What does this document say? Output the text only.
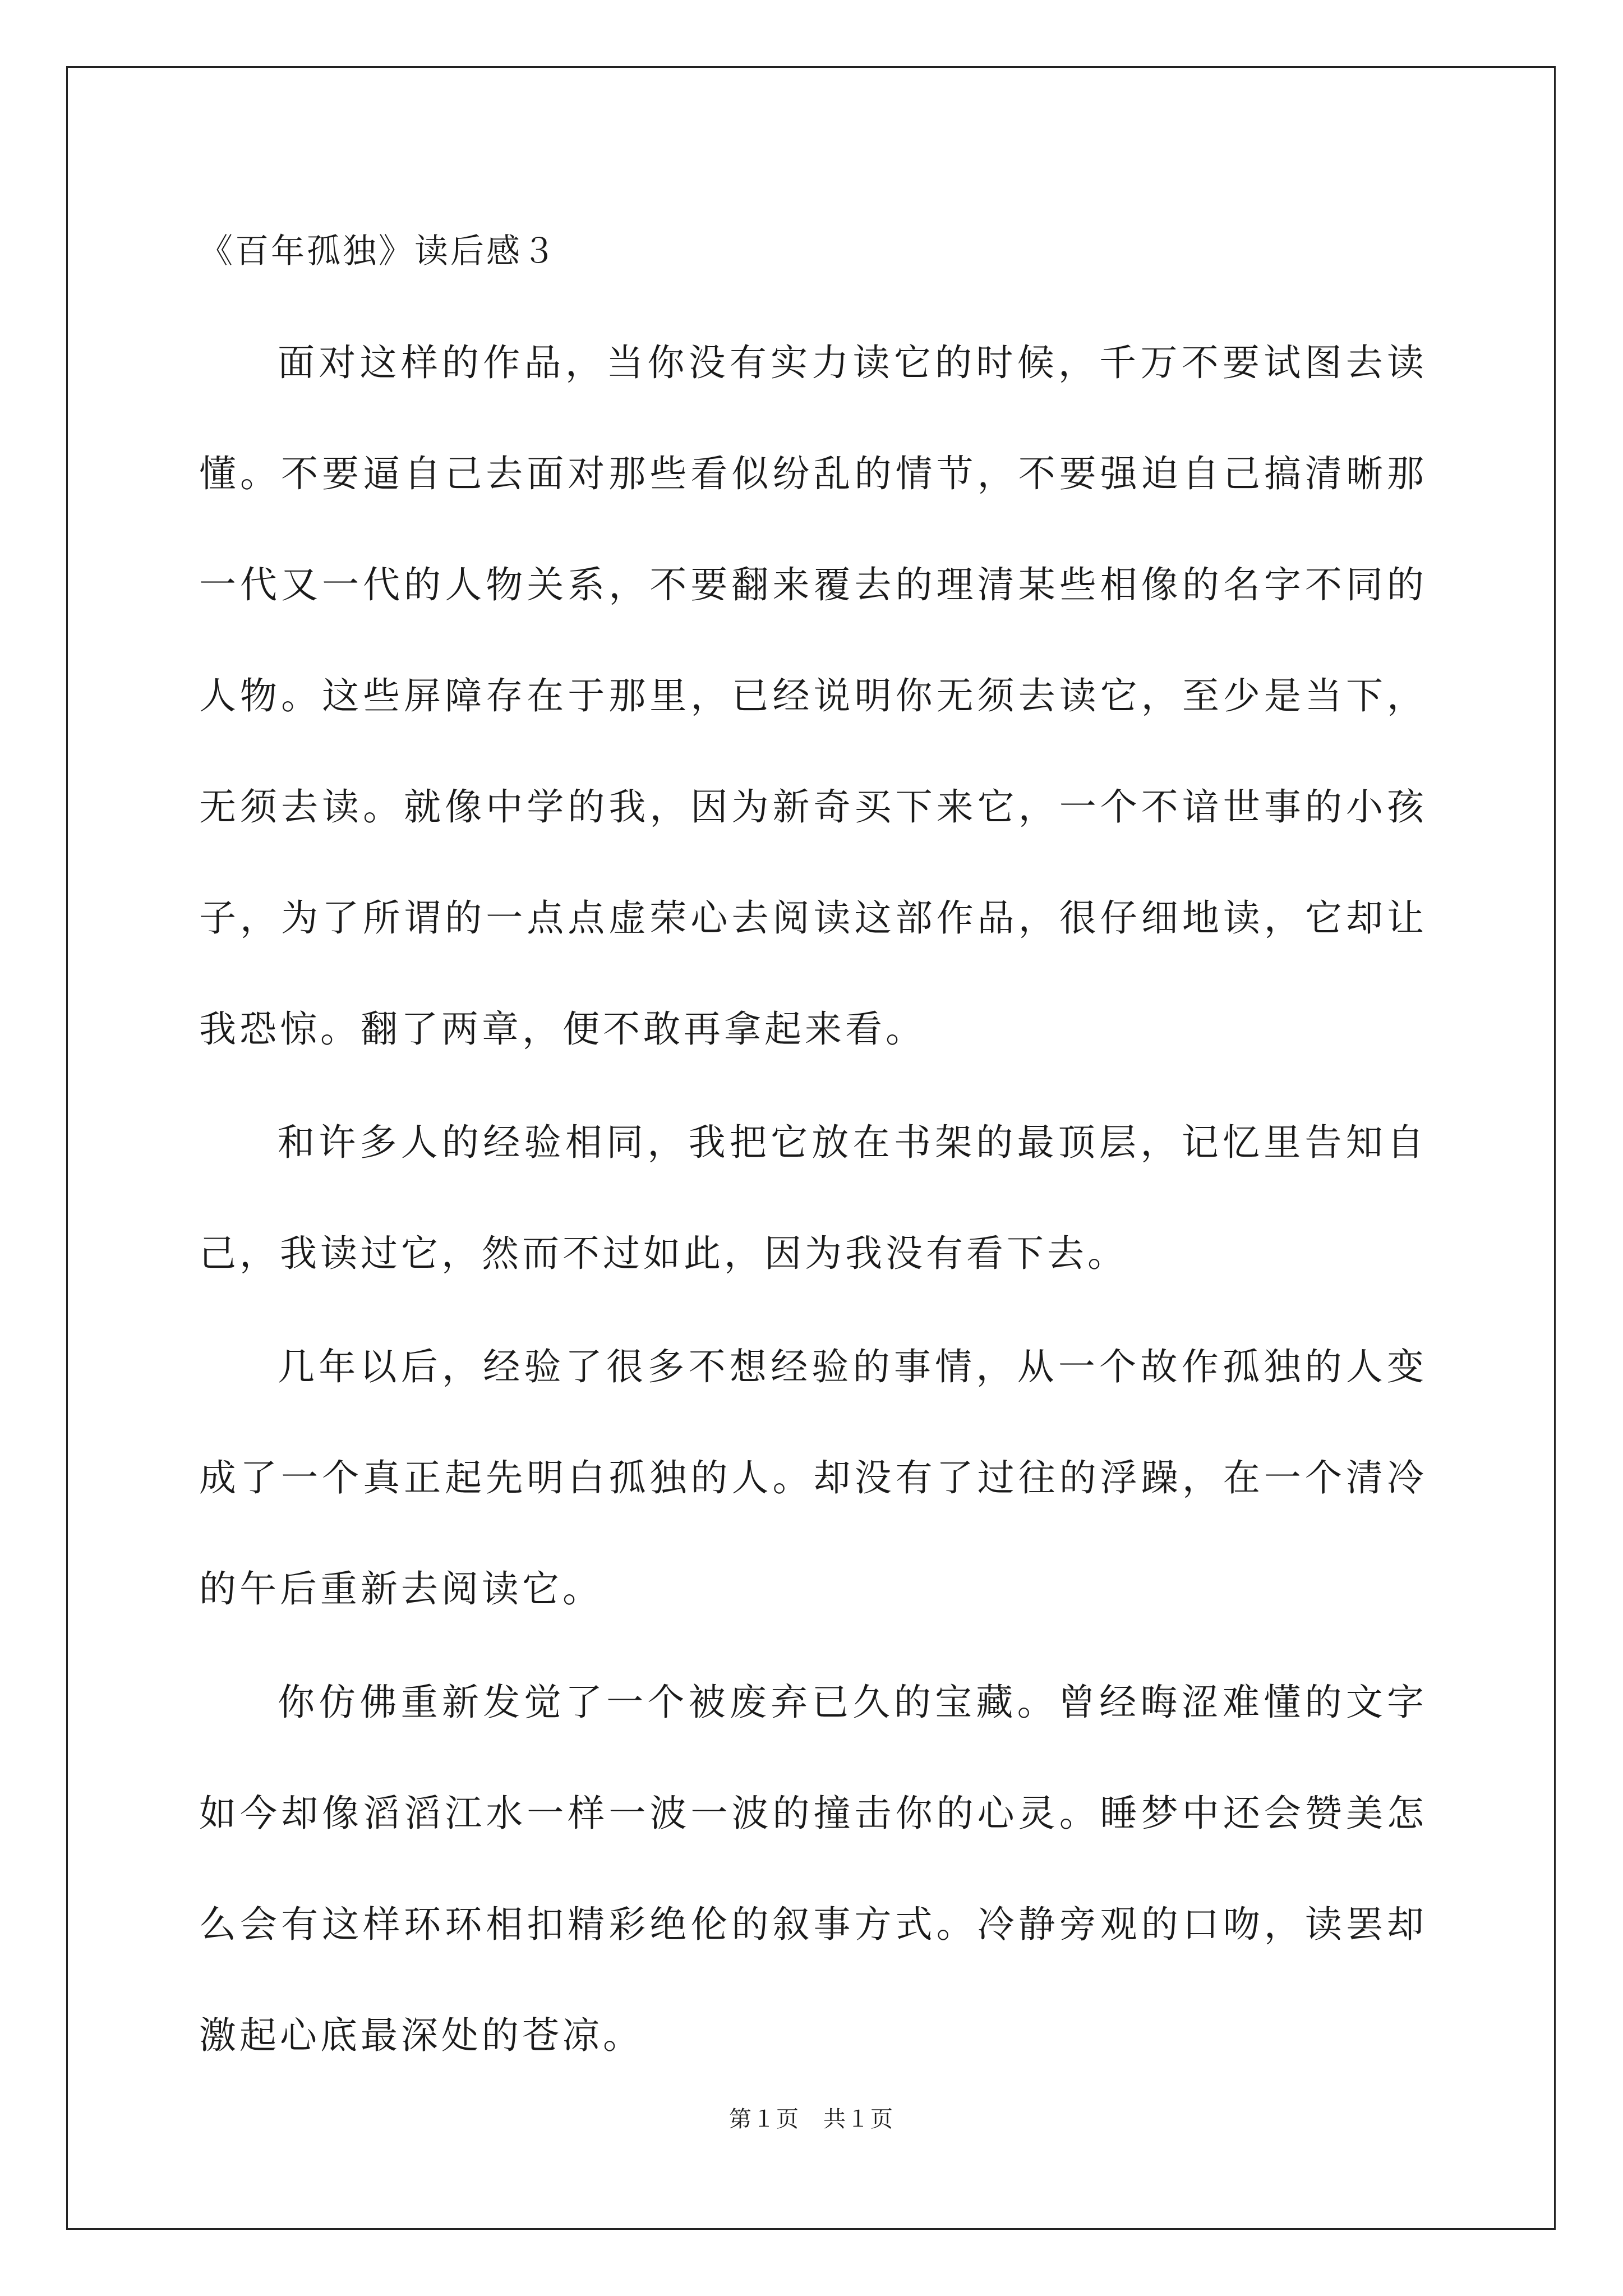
《百年孤独》读后感３

面对这样的作品，当你没有实力读它的时候，千万不要试图去读懂。不要逼自己去面对那些看似纷乱的情节，不要强迫自己搞清晰那一代又一代的人物关系，不要翻来覆去的理清某些相像的名字不同的人物。这些屏障存在于那里，已经说明你无须去读它，至少是当下，无须去读。就像中学的我，因为新奇买下来它，一个不谙世事的小孩子，为了所谓的一点点虚荣心去阅读这部作品，很仔细地读，它却让我恐惊。翻了两章，便不敢再拿起来看。

和许多人的经验相同，我把它放在书架的最顶层，记忆里告知自己，我读过它，然而不过如此，因为我没有看下去。

几年以后，经验了很多不想经验的事情，从一个故作孤独的人变成了一个真正起先明白孤独的人。却没有了过往的浮躁，在一个清冷的午后重新去阅读它。

你仿佛重新发觉了一个被废弃已久的宝藏。曾经晦涩难懂的文字如今却像滔滔江水一样一波一波的撞击你的心灵。睡梦中还会赞美怎么会有这样环环相扣精彩绝伦的叙事方式。冷静旁观的口吻，读罢却激起心底最深处的苍凉。

第１页　共１页
